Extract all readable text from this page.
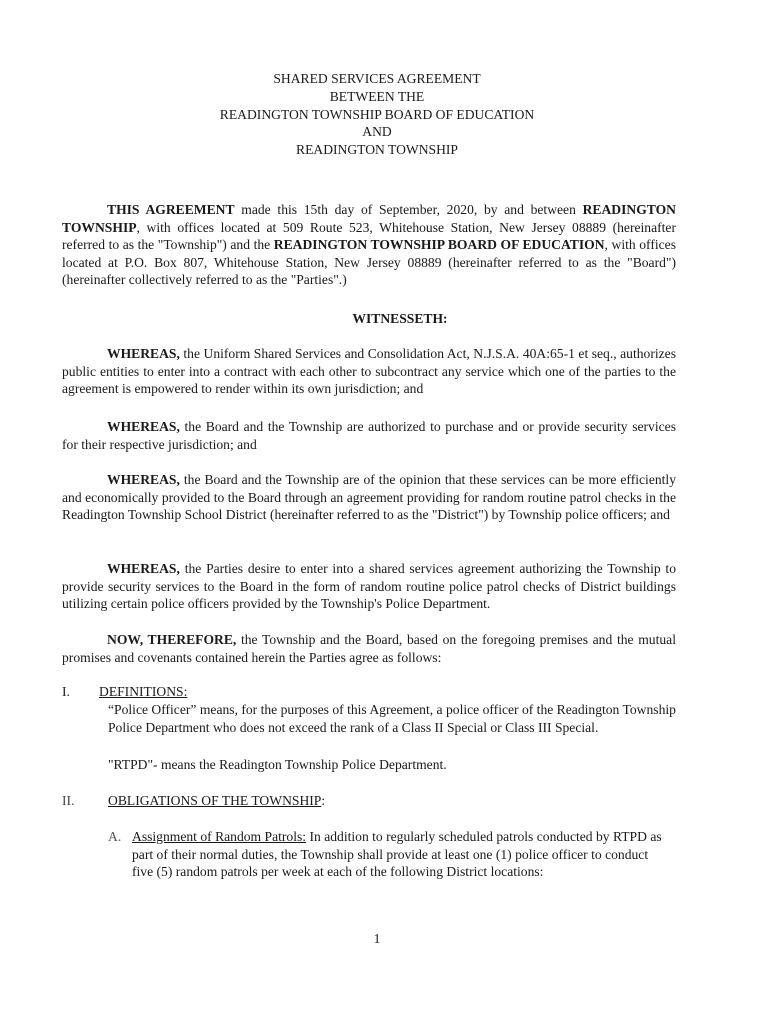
SHARED SERVICES AGREEMENT
BETWEEN THE
READINGTON TOWNSHIP BOARD OF EDUCATION
AND
READINGTON TOWNSHIP
THIS AGREEMENT made this 15th day of September, 2020, by and between READINGTON TOWNSHIP, with offices located at 509 Route 523, Whitehouse Station, New Jersey 08889 (hereinafter referred to as the "Township") and the READINGTON TOWNSHIP BOARD OF EDUCATION, with offices located at P.O. Box 807, Whitehouse Station, New Jersey 08889 (hereinafter referred to as the "Board") (hereinafter collectively referred to as the "Parties".)
WITNESSETH:
WHEREAS, the Uniform Shared Services and Consolidation Act, N.J.S.A. 40A:65-1 et seq., authorizes public entities to enter into a contract with each other to subcontract any service which one of the parties to the agreement is empowered to render within its own jurisdiction; and
WHEREAS, the Board and the Township are authorized to purchase and or provide security services for their respective jurisdiction; and
WHEREAS, the Board and the Township are of the opinion that these services can be more efficiently and economically provided to the Board through an agreement providing for random routine patrol checks in the Readington Township School District (hereinafter referred to as the "District") by Township police officers; and
WHEREAS, the Parties desire to enter into a shared services agreement authorizing the Township to provide security services to the Board in the form of random routine police patrol checks of District buildings utilizing certain police officers provided by the Township's Police Department.
NOW, THEREFORE, the Township and the Board, based on the foregoing premises and the mutual promises and covenants contained herein the Parties agree as follows:
I. DEFINITIONS:
“Police Officer” means, for the purposes of this Agreement, a police officer of the Readington Township Police Department who does not exceed the rank of a Class II Special or Class III Special.
"RTPD"- means the Readington Township Police Department.
II. OBLIGATIONS OF THE TOWNSHIP:
A. Assignment of Random Patrols: In addition to regularly scheduled patrols conducted by RTPD as part of their normal duties, the Township shall provide at least one (1) police officer to conduct five (5) random patrols per week at each of the following District locations:
1
